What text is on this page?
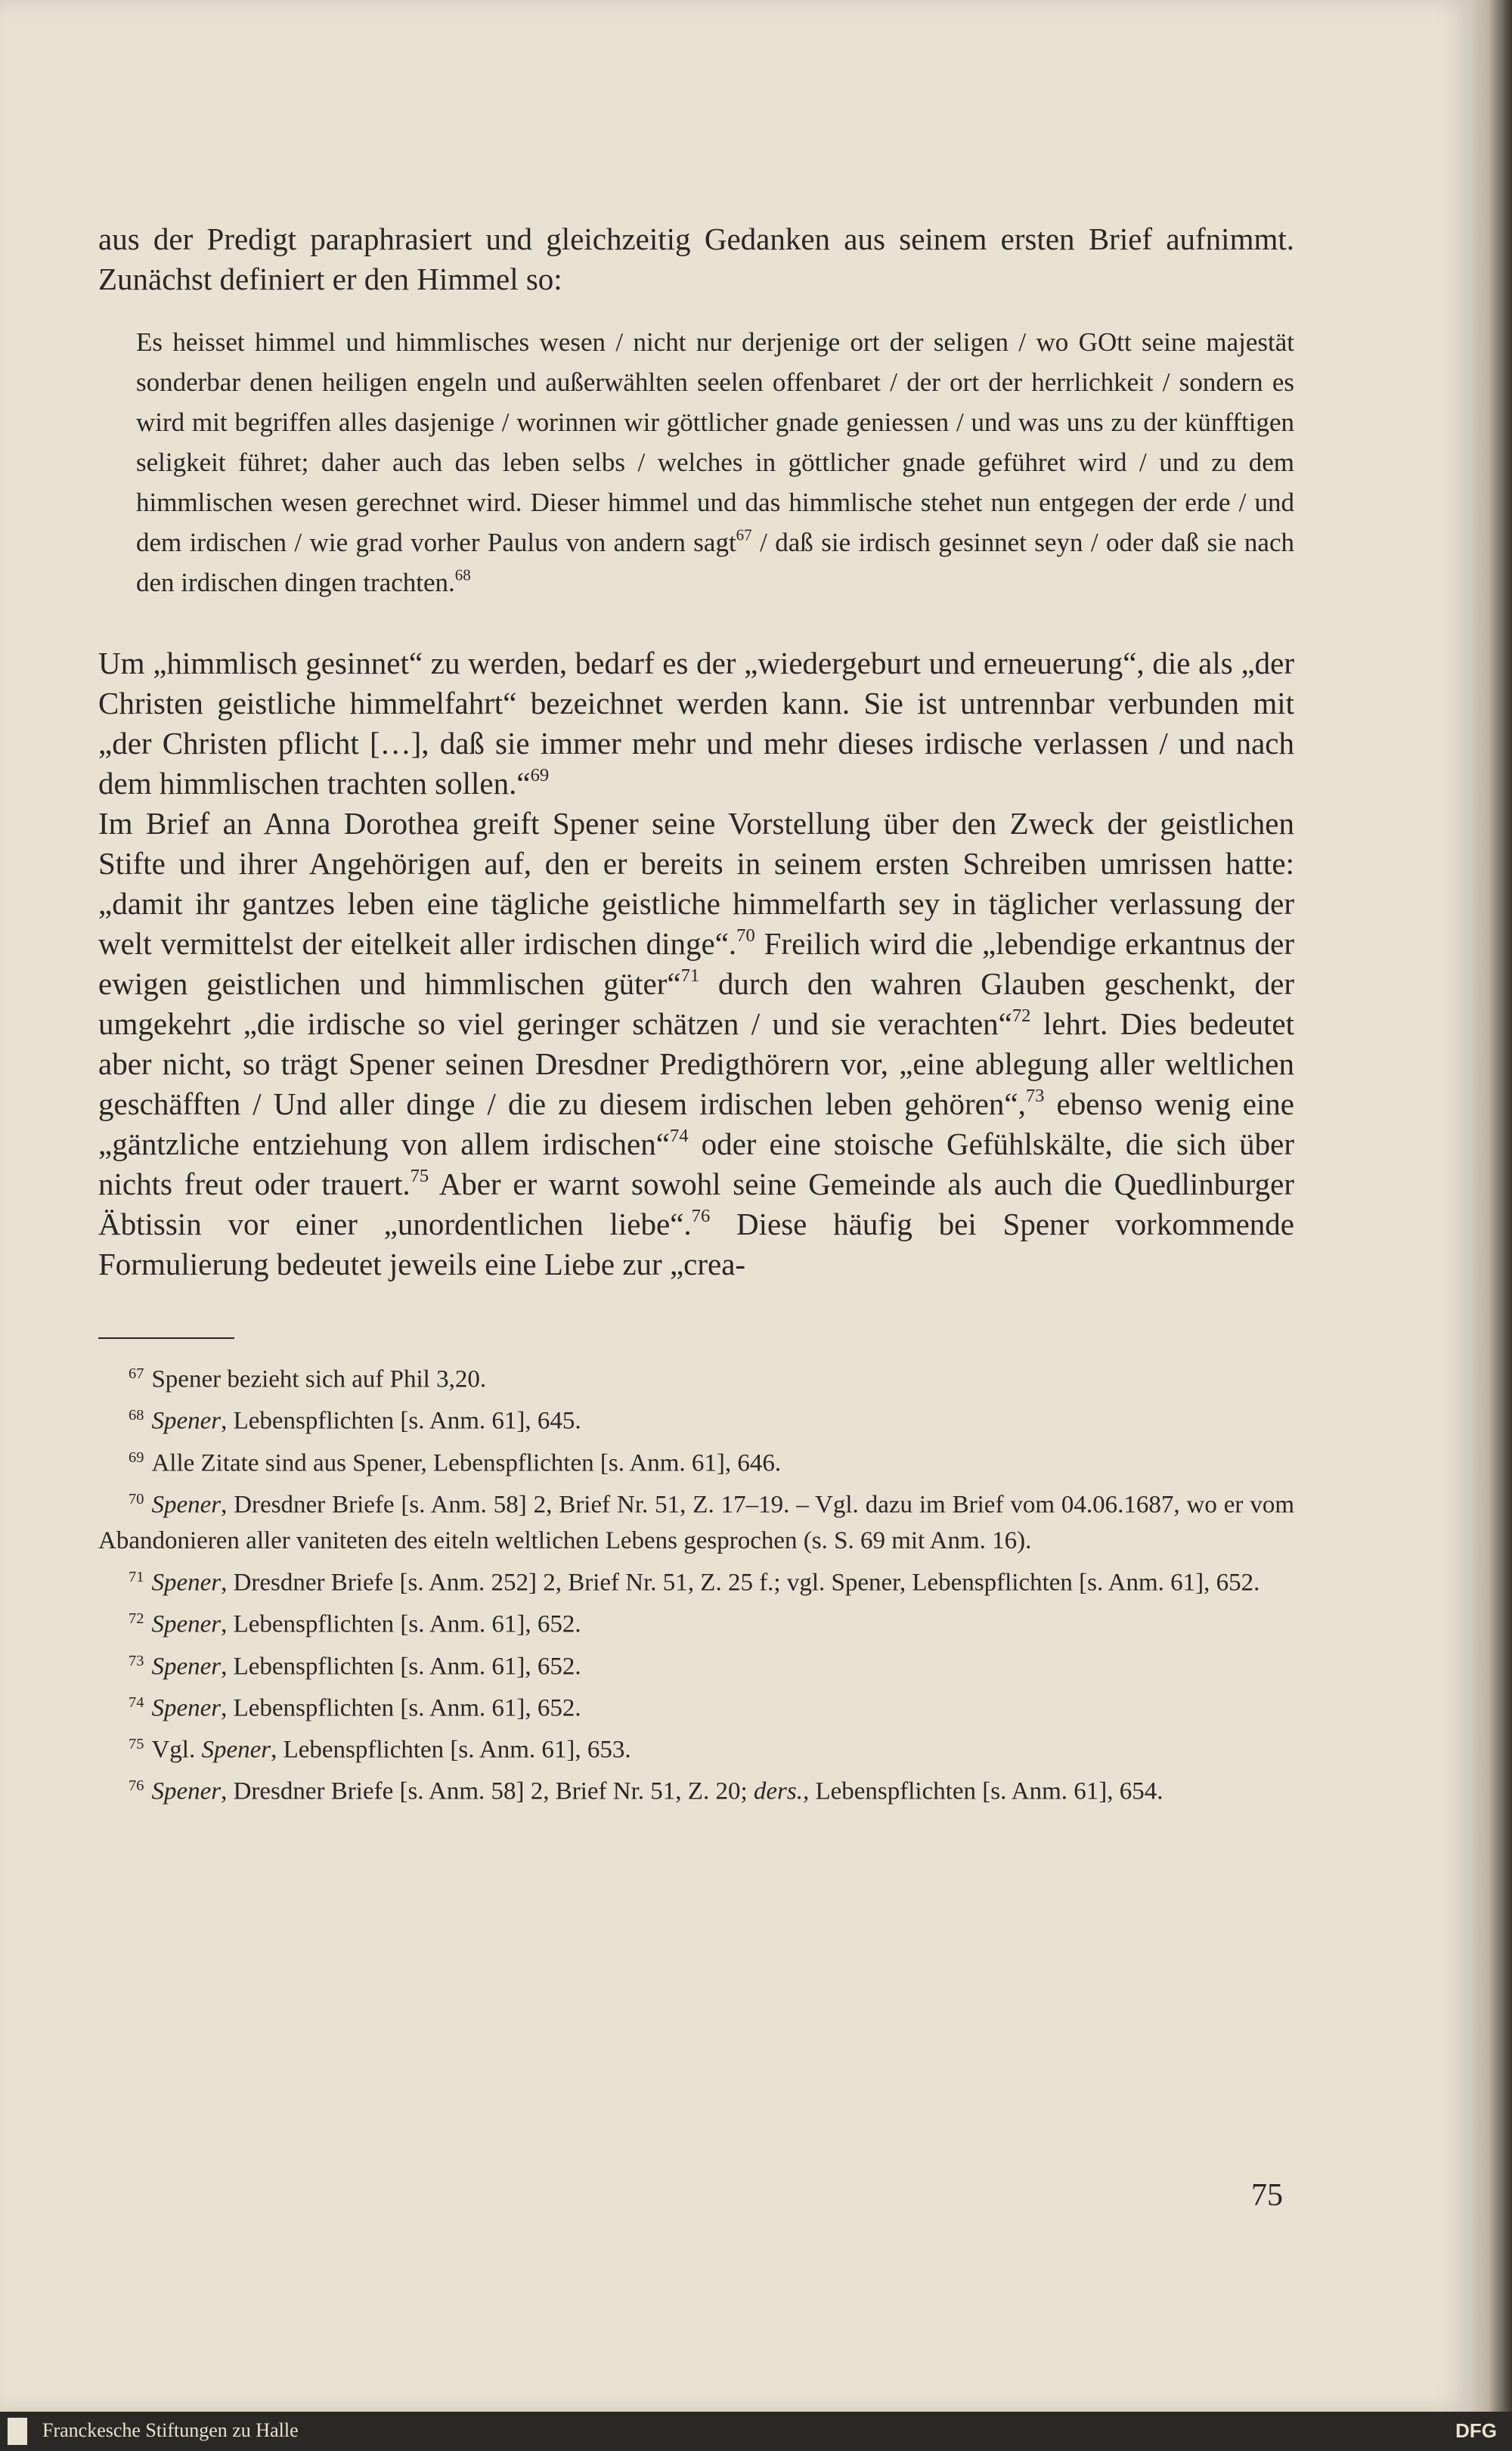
aus der Predigt paraphrasiert und gleichzeitig Gedanken aus seinem ersten Brief aufnimmt. Zunächst definiert er den Himmel so:

Es heisset himmel und himmlisches wesen / nicht nur derjenige ort der seligen / wo GOtt seine majestät sonderbar denen heiligen engeln und außerwählten seelen offenbaret / der ort der herrlichkeit / sondern es wird mit begriffen alles dasjenige / worinnen wir göttlicher gnade geniessen / und was uns zu der künfftigen seligkeit führet; daher auch das leben selbs / welches in göttlicher gnade geführet wird / und zu dem himmlischen wesen gerechnet wird. Dieser himmel und das himmlische stehet nun entgegen der erde / und dem irdischen / wie grad vorher Paulus von andern sagt$^{67}$ / daß sie irdisch gesinnet seyn / oder daß sie nach den irdischen dingen trachten.$^{68}$

Um „himmlisch gesinnet“ zu werden, bedarf es der „wiedergeburt und erneuerung“, die als „der Christen geistliche himmelfahrt“ bezeichnet werden kann. Sie ist untrennbar verbunden mit „der Christen pflicht […], daß sie immer mehr und mehr dieses irdische verlassen / und nach dem himmlischen trachten sollen.“$^{69}$

Im Brief an Anna Dorothea greift Spener seine Vorstellung über den Zweck der geistlichen Stifte und ihrer Angehörigen auf, den er bereits in seinem ersten Schreiben umrissen hatte: „damit ihr gantzes leben eine tägliche geistliche himmelfarth sey in täglicher verlassung der welt vermittelst der eitelkeit aller irdischen dinge“.$^{70}$ Freilich wird die „lebendige erkantnus der ewigen geistlichen und himmlischen güter“$^{71}$ durch den wahren Glauben geschenkt, der umgekehrt „die irdische so viel geringer schätzen / und sie verachten“$^{72}$ lehrt. Dies bedeutet aber nicht, so trägt Spener seinen Dresdner Predigthörern vor, „eine ablegung aller weltlichen geschäfften / Und aller dinge / die zu diesem irdischen leben gehören“,$^{73}$ ebenso wenig eine „gäntzliche entziehung von allem irdischen“$^{74}$ oder eine stoische Gefühlskälte, die sich über nichts freut oder trauert.$^{75}$ Aber er warnt sowohl seine Gemeinde als auch die Quedlinburger Äbtissin vor einer „unordentlichen liebe“.$^{76}$ Diese häufig bei Spener vorkommende Formulierung bedeutet jeweils eine Liebe zur „crea-

$^{67}$ Spener bezieht sich auf Phil 3,20.

$^{68}$ Spener, Lebenspflichten [s. Anm. 61], 645.

$^{69}$ Alle Zitate sind aus Spener, Lebenspflichten [s. Anm. 61], 646.

$^{70}$ Spener, Dresdner Briefe [s. Anm. 58] 2, Brief Nr. 51, Z. 17–19. – Vgl. dazu im Brief vom 04.06.1687, wo er vom Abandonieren aller vaniteten des eiteln weltlichen Lebens gesprochen (s. S. 69 mit Anm. 16).

$^{71}$ Spener, Dresdner Briefe [s. Anm. 252] 2, Brief Nr. 51, Z. 25 f.; vgl. Spener, Lebenspflichten [s. Anm. 61], 652.

$^{72}$ Spener, Lebenspflichten [s. Anm. 61], 652.

$^{73}$ Spener, Lebenspflichten [s. Anm. 61], 652.

$^{74}$ Spener, Lebenspflichten [s. Anm. 61], 652.

$^{75}$ Vgl. Spener, Lebenspflichten [s. Anm. 61], 653.

$^{76}$ Spener, Dresdner Briefe [s. Anm. 58] 2, Brief Nr. 51, Z. 20; ders., Lebenspflichten [s. Anm. 61], 654.

75
Franckesche Stiftungen zu Halle	DFG
